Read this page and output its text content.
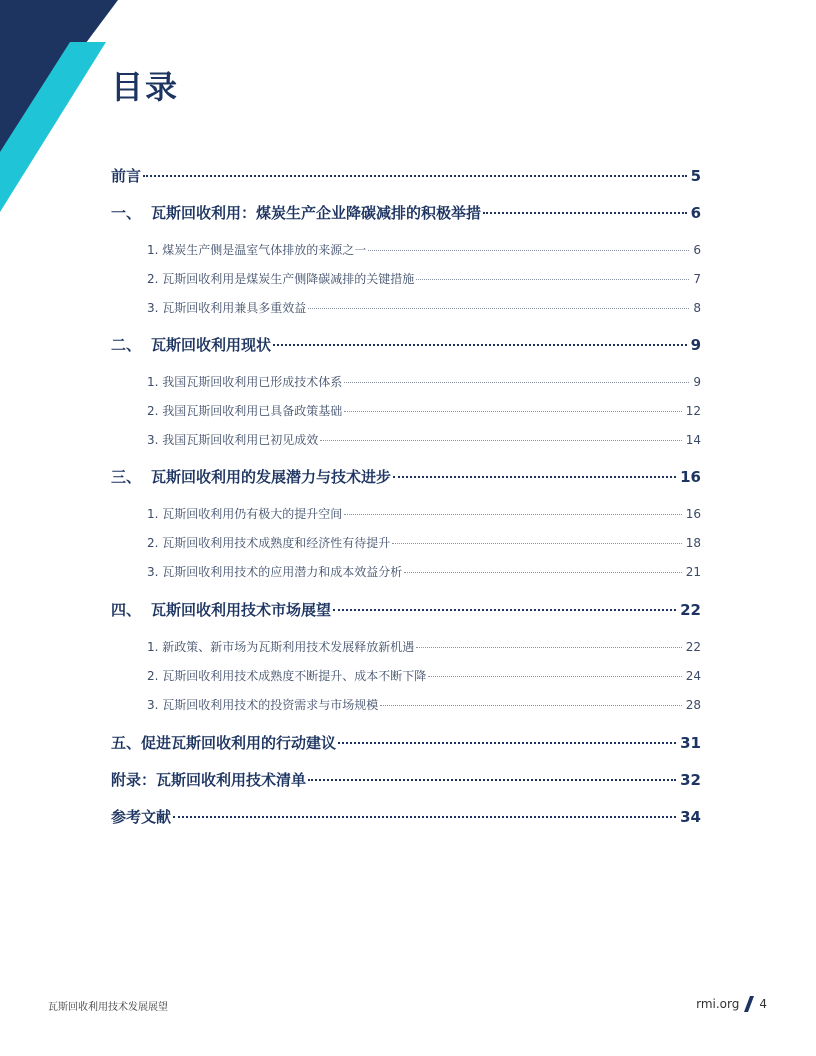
目录
前言	5
一、 瓦斯回收利用：煤炭生产企业降碳减排的积极举措	6
1. 煤炭生产侧是温室气体排放的来源之一	6
2. 瓦斯回收利用是煤炭生产侧降碳减排的关键措施	7
3. 瓦斯回收利用兼具多重效益	8
二、 瓦斯回收利用现状	9
1. 我国瓦斯回收利用已形成技术体系	9
2. 我国瓦斯回收利用已具备政策基础	12
3. 我国瓦斯回收利用已初见成效	14
三、 瓦斯回收利用的发展潜力与技术进步	16
1. 瓦斯回收利用仍有极大的提升空间	16
2. 瓦斯回收利用技术成熟度和经济性有待提升	18
3. 瓦斯回收利用技术的应用潜力和成本效益分析	21
四、 瓦斯回收利用技术市场展望	22
1. 新政策、新市场为瓦斯利用技术发展释放新机遇	22
2. 瓦斯回收利用技术成熟度不断提升、成本不断下降	24
3. 瓦斯回收利用技术的投资需求与市场规模	28
五、促进瓦斯回收利用的行动建议	31
附录：瓦斯回收利用技术清单	32
参考文献	34
瓦斯回收利用技术发展展望	rmi.org 4
